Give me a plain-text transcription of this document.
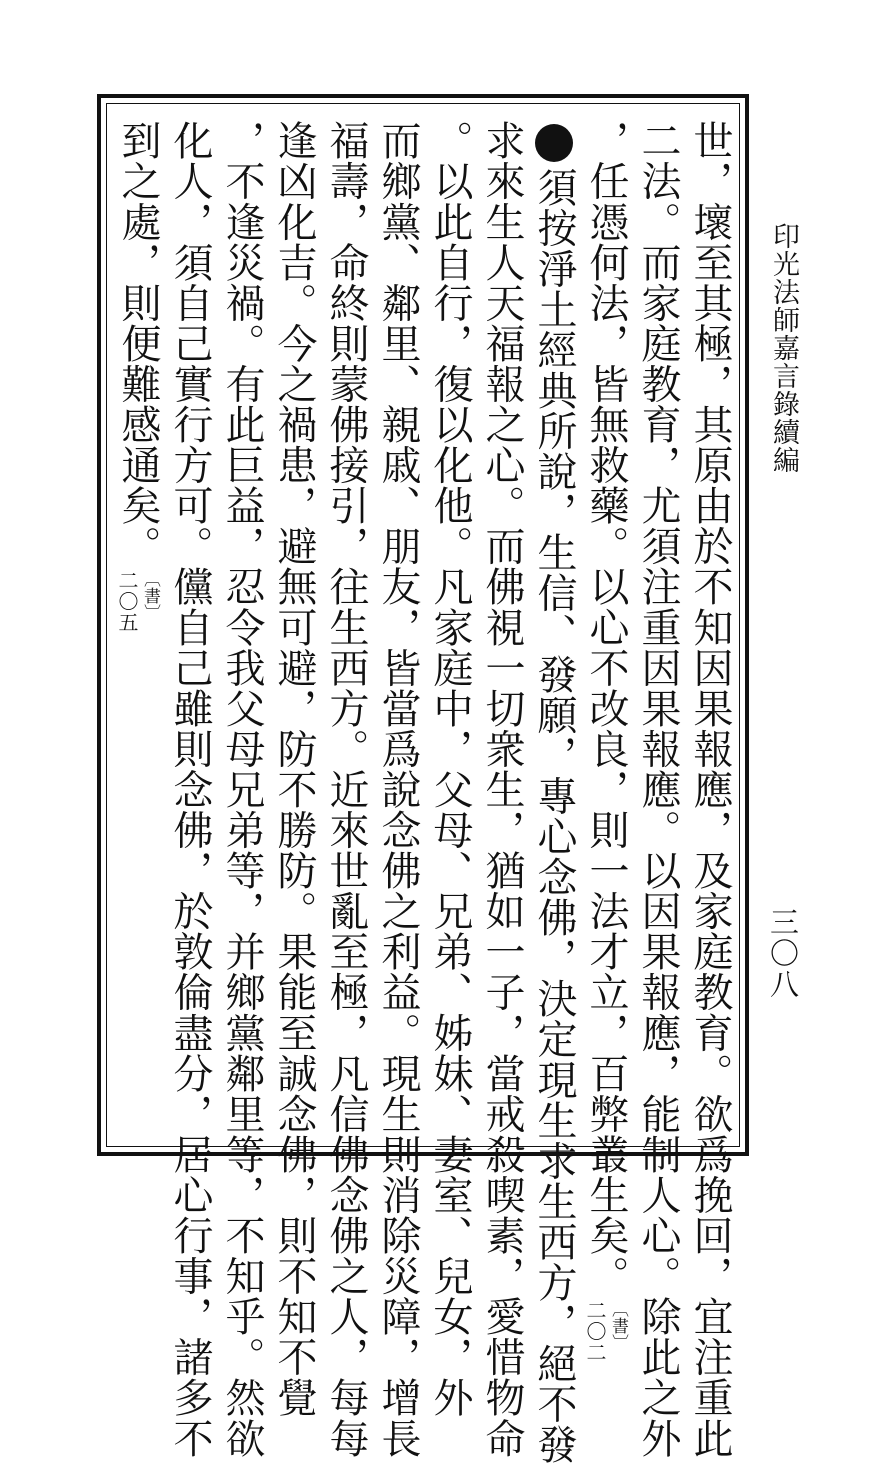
印光法師嘉言錄續編
三〇八
世，壞至其極，其原由於不知因果報應，及家庭教育。欲爲挽回，宜注重此
二法。而家庭教育，尤須注重因果報應。以因果報應，能制人心。除此之外
，任憑何法，皆無救藥。以心不改良，則一法才立，百弊叢生矣。
〔書〕
二〇二
須按淨土經典所說，生信、發願，專心念佛，決定現生求生西方，絕不發
求來生人天福報之心。而佛視一切衆生，猶如一子，當戒殺喫素，愛惜物命
。以此自行，復以化他。凡家庭中，父母、兄弟、姊妹、妻室、兒女，外
而鄉黨、鄰里、親戚、朋友，皆當爲說念佛之利益。現生則消除災障，增長
福壽，命終則蒙佛接引，往生西方。近來世亂至極，凡信佛念佛之人，每每
逢凶化吉。今之禍患，避無可避，防不勝防。果能至誠念佛，則不知不覺
，不逢災禍。有此巨益，忍令我父母兄弟等，并鄉黨鄰里等，不知乎。然欲
化人，須自己實行方可。儻自己雖則念佛，於敦倫盡分，居心行事，諸多不
到之處，則便難感通矣。
〔書〕
二〇五
